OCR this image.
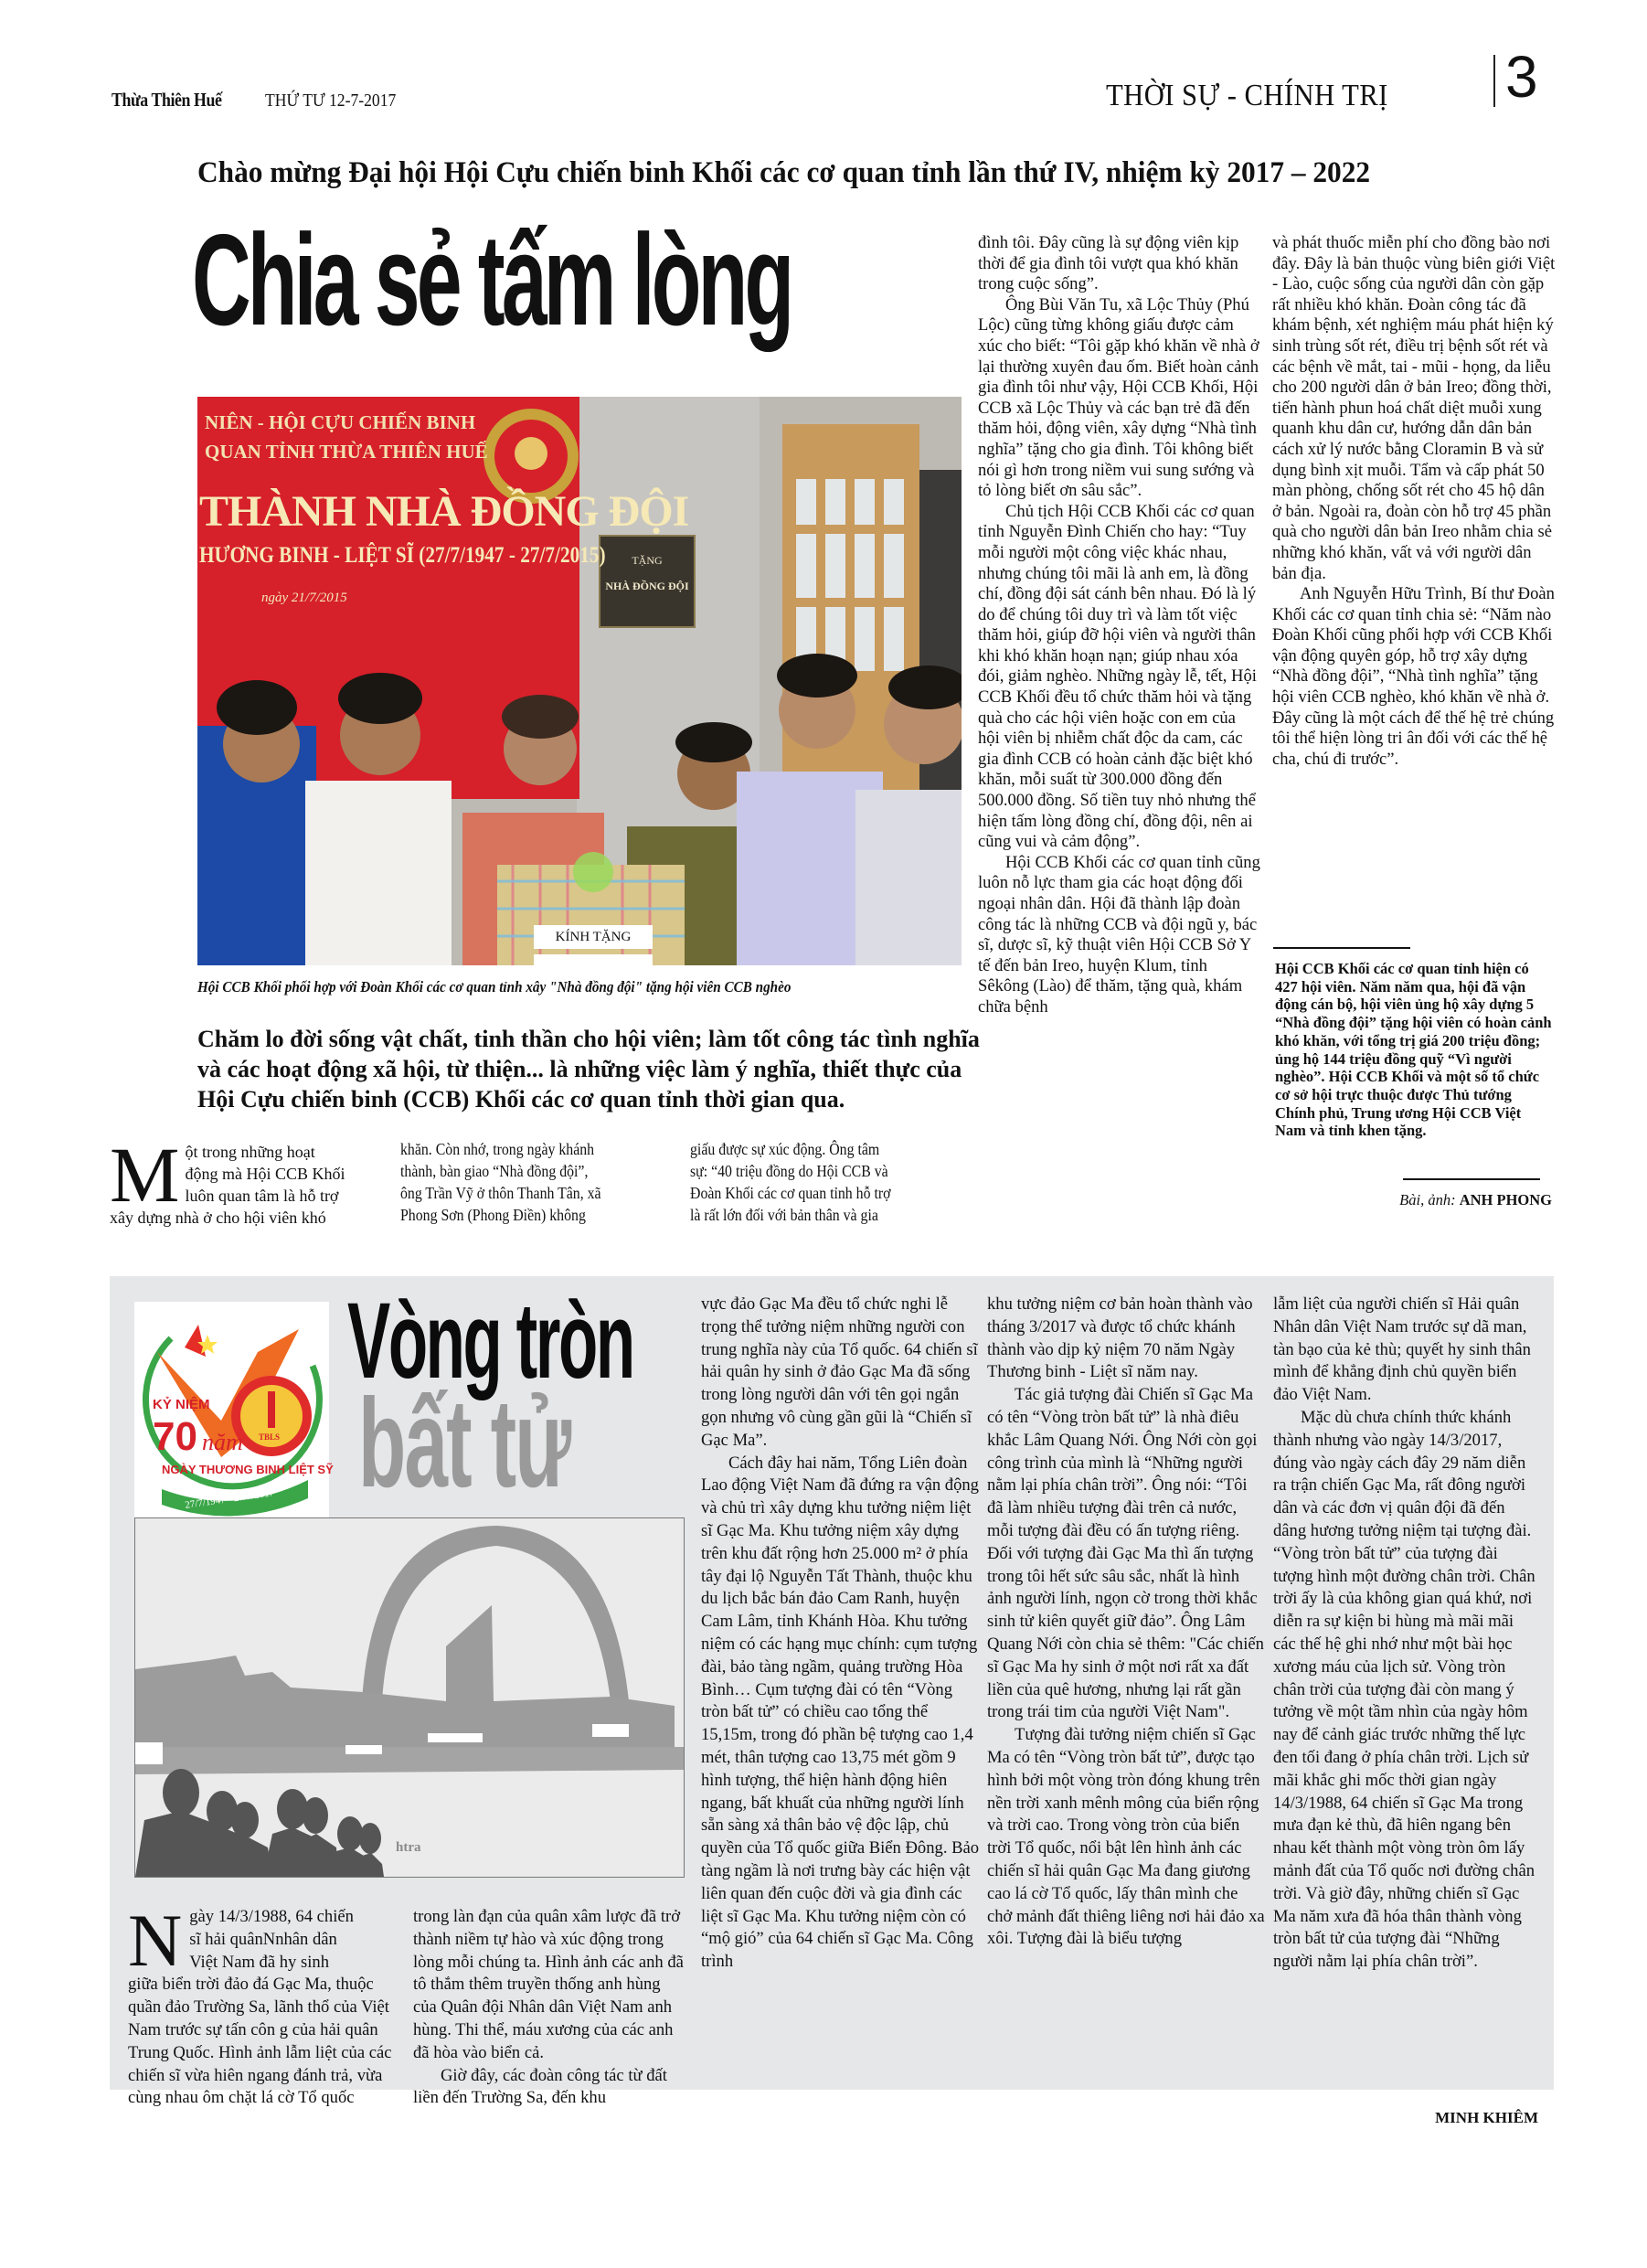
Thừa Thiên Huế THỨ TƯ 12-7-2017	THỜI SỰ - CHÍNH TRỊ 3
Chào mừng Đại hội Hội Cựu chiến binh Khối các cơ quan tỉnh lần thứ IV, nhiệm kỳ 2017 – 2022
Chia sẻ tấm lòng
NIÊN - HỘI CỰU CHIẾN BINH
QUAN TỈNH THỪA THIÊN HUẾ
THÀNH NHÀ ĐỒNG ĐỘI
HƯƠNG BINH - LIỆT SĨ (27/7/1947 - 27/7/2015)
ngày 21/7/2015
TẶNG
NHÀ ĐỒNG ĐỘI
KÍNH TẶNG
Hội CCB Khối phối hợp với Đoàn Khối các cơ quan tỉnh xây "Nhà đồng đội" tặng hội viên CCB nghèo
Chăm lo đời sống vật chất, tinh thần cho hội viên; làm tốt công tác tình nghĩa và các hoạt động xã hội, từ thiện... là những việc làm ý nghĩa, thiết thực của Hội Cựu chiến binh (CCB) Khối các cơ quan tỉnh thời gian qua.
M ột trong những hoạt
động mà Hội CCB Khối
luôn quan tâm là hỗ trợ
xây dựng nhà ở cho hội viên khó
khăn. Còn nhớ, trong ngày khánh
thành, bàn giao “Nhà đồng đội”,
ông Trần Vỹ ở thôn Thanh Tân, xã
Phong Sơn (Phong Điền) không
giấu được sự xúc động. Ông tâm
sự: “40 triệu đồng do Hội CCB và
Đoàn Khối các cơ quan tỉnh hỗ trợ
là rất lớn đối với bản thân và gia

đình tôi. Đây cũng là sự động viên kịp thời để gia đình tôi vượt qua khó khăn trong cuộc sống”.

Ông Bùi Văn Tu, xã Lộc Thủy (Phú Lộc) cũng từng không giấu được cảm xúc cho biết: “Tôi gặp khó khăn về nhà ở lại thường xuyên đau ốm. Biết hoàn cảnh gia đình tôi như vậy, Hội CCB Khối, Hội CCB xã Lộc Thủy và các bạn trẻ đã đến thăm hỏi, động viên, xây dựng “Nhà tình nghĩa” tặng cho gia đình. Tôi không biết nói gì hơn trong niềm vui sung sướng và tỏ lòng biết ơn sâu sắc”.

Chủ tịch Hội CCB Khối các cơ quan tỉnh Nguyễn Đình Chiến cho hay: “Tuy mỗi người một công việc khác nhau, nhưng chúng tôi mãi là anh em, là đồng chí, đồng đội sát cánh bên nhau. Đó là lý do để chúng tôi duy trì và làm tốt việc thăm hỏi, giúp đỡ hội viên và người thân khi khó khăn hoạn nạn; giúp nhau xóa đói, giảm nghèo. Những ngày lễ, tết, Hội CCB Khối đều tổ chức thăm hỏi và tặng quà cho các hội viên hoặc con em của hội viên bị nhiễm chất độc da cam, các gia đình CCB có hoàn cảnh đặc biệt khó khăn, mỗi suất từ 300.000 đồng đến 500.000 đồng. Số tiền tuy nhỏ nhưng thể hiện tấm lòng đồng chí, đồng đội, nên ai cũng vui và cảm động”.

Hội CCB Khối các cơ quan tỉnh cũng luôn nỗ lực tham gia các hoạt động đối ngoại nhân dân. Hội đã thành lập đoàn công tác là những CCB và đội ngũ y, bác sĩ, dược sĩ, kỹ thuật viên Hội CCB Sở Y tế đến bản Ireo, huyện Klum, tỉnh Sêkông (Lào) để thăm, tặng quà, khám chữa bệnh

và phát thuốc miễn phí cho đồng bào nơi đây. Đây là bản thuộc vùng biên giới Việt - Lào, cuộc sống của người dân còn gặp rất nhiều khó khăn. Đoàn công tác đã khám bệnh, xét nghiệm máu phát hiện ký sinh trùng sốt rét, điều trị bệnh sốt rét và các bệnh về mắt, tai - mũi - họng, da liễu cho 200 người dân ở bản Ireo; đồng thời, tiến hành phun hoá chất diệt muỗi xung quanh khu dân cư, hướng dẫn dân bản cách xử lý nước bằng Cloramin B và sử dụng bình xịt muỗi. Tẩm và cấp phát 50 màn phòng, chống sốt rét cho 45 hộ dân ở bản. Ngoài ra, đoàn còn hỗ trợ 45 phần quà cho người dân bản Ireo nhằm chia sẻ những khó khăn, vất vả với người dân bản địa.

Anh Nguyễn Hữu Trình, Bí thư Đoàn Khối các cơ quan tỉnh chia sẻ: “Năm nào Đoàn Khối cũng phối hợp với CCB Khối vận động quyên góp, hỗ trợ xây dựng “Nhà đồng đội”, “Nhà tình nghĩa” tặng hội viên CCB nghèo, khó khăn về nhà ở. Đây cũng là một cách để thế hệ trẻ chúng tôi thể hiện lòng tri ân đối với các thế hệ cha, chú đi trước”.

Hội CCB Khối các cơ quan tỉnh hiện có 427 hội viên. Năm năm qua, hội đã vận động cán bộ, hội viên ủng hộ xây dựng 5 “Nhà đồng đội” tặng hội viên có hoàn cảnh khó khăn, với tổng trị giá 200 triệu đồng; ủng hộ 144 triệu đồng quỹ “Vì người nghèo”. Hội CCB Khối và một số tổ chức cơ sở hội trực thuộc được Thủ tướng Chính phủ, Trung ương Hội CCB Việt Nam và tỉnh khen tặng.
Bài, ảnh: ANH PHONG
KỶ NIỆM
70 năm
NGÀY THƯƠNG BINH LIỆT SỸ
27/7/1947 - 27/7/2017
TBLS
Vòng tròn
bất tử
htra
N gày 14/3/1988, 64 chiến
sĩ hải quânNnhân dân
Việt Nam đã hy sinh
giữa biển trời đảo đá Gạc Ma, thuộc quần đảo Trường Sa, lãnh thổ của Việt Nam trước sự tấn côn g của hải quân Trung Quốc. Hình ảnh lẫm liệt của các chiến sĩ vừa hiên ngang đánh trả, vừa cùng nhau ôm chặt lá cờ Tổ quốc

trong làn đạn của quân xâm lược đã trở thành niềm tự hào và xúc động trong lòng mỗi chúng ta. Hình ảnh các anh đã tô thắm thêm truyền thống anh hùng của Quân đội Nhân dân Việt Nam anh hùng. Thi thể, máu xương của các anh đã hòa vào biển cả.

Giờ đây, các đoàn công tác từ đất liền đến Trường Sa, đến khu

vực đảo Gạc Ma đều tổ chức nghi lễ trọng thể tưởng niệm những người con trung nghĩa này của Tổ quốc. 64 chiến sĩ hải quân hy sinh ở đảo Gạc Ma đã sống trong lòng người dân với tên gọi ngắn gọn nhưng vô cùng gần gũi là “Chiến sĩ Gạc Ma”.

Cách đây hai năm, Tổng Liên đoàn Lao động Việt Nam đã đứng ra vận động và chủ trì xây dựng khu tưởng niệm liệt sĩ Gạc Ma. Khu tưởng niệm xây dựng trên khu đất rộng hơn 25.000 m² ở phía tây đại lộ Nguyễn Tất Thành, thuộc khu du lịch bắc bán đảo Cam Ranh, huyện Cam Lâm, tỉnh Khánh Hòa. Khu tưởng niệm có các hạng mục chính: cụm tượng đài, bảo tàng ngầm, quảng trường Hòa Bình… Cụm tượng đài có tên “Vòng tròn bất tử” có chiều cao tổng thể 15,15m, trong đó phần bệ tượng cao 1,4 mét, thân tượng cao 13,75 mét gồm 9 hình tượng, thể hiện hành động hiên ngang, bất khuất của những người lính sẵn sàng xả thân bảo vệ độc lập, chủ quyền của Tổ quốc giữa Biển Đông. Bảo tàng ngầm là nơi trưng bày các hiện vật liên quan đến cuộc đời và gia đình các liệt sĩ Gạc Ma. Khu tưởng niệm còn có “mộ gió” của 64 chiến sĩ Gạc Ma. Công trình

khu tưởng niệm cơ bản hoàn thành vào tháng 3/2017 và được tổ chức khánh thành vào dịp kỷ niệm 70 năm Ngày Thương binh - Liệt sĩ năm nay.

Tác giả tượng đài Chiến sĩ Gạc Ma có tên “Vòng tròn bất tử” là nhà điêu khắc Lâm Quang Nới. Ông Nới còn gọi công trình của mình là “Những người nằm lại phía chân trời”. Ông nói: “Tôi đã làm nhiều tượng đài trên cả nước, mỗi tượng đài đều có ấn tượng riêng. Đối với tượng đài Gạc Ma thì ấn tượng trong tôi hết sức sâu sắc, nhất là hình ảnh người lính, ngọn cờ trong thời khắc sinh tử kiên quyết giữ đảo”. Ông Lâm Quang Nới còn chia sẻ thêm: "Các chiến sĩ Gạc Ma hy sinh ở một nơi rất xa đất liền của quê hương, nhưng lại rất gần trong trái tim của người Việt Nam".

Tượng đài tưởng niệm chiến sĩ Gạc Ma có tên “Vòng tròn bất tử”, được tạo hình bởi một vòng tròn đóng khung trên nền trời xanh mênh mông của biển rộng và trời cao. Trong vòng tròn của biển trời Tổ quốc, nổi bật lên hình ảnh các chiến sĩ hải quân Gạc Ma đang giương cao lá cờ Tổ quốc, lấy thân mình che chở mảnh đất thiêng liêng nơi hải đảo xa xôi. Tượng đài là biểu tượng

lẫm liệt của người chiến sĩ Hải quân Nhân dân Việt Nam trước sự dã man, tàn bạo của kẻ thù; quyết hy sinh thân mình để khẳng định chủ quyền biển đảo Việt Nam.

Mặc dù chưa chính thức khánh thành nhưng vào ngày 14/3/2017, đúng vào ngày cách đây 29 năm diễn ra trận chiến Gạc Ma, rất đông người dân và các đơn vị quân đội đã đến dâng hương tưởng niệm tại tượng đài. “Vòng tròn bất tử” của tượng đài tượng hình một đường chân trời. Chân trời ấy là của không gian quá khứ, nơi diễn ra sự kiện bi hùng mà mãi mãi các thế hệ ghi nhớ như một bài học xương máu của lịch sử. Vòng tròn chân trời của tượng đài còn mang ý tưởng về một tầm nhìn của ngày hôm nay để cảnh giác trước những thế lực đen tối đang ở phía chân trời. Lịch sử mãi khắc ghi mốc thời gian ngày 14/3/1988, 64 chiến sĩ Gạc Ma trong mưa đạn kẻ thù, đã hiên ngang bên nhau kết thành một vòng tròn ôm lấy mảnh đất của Tổ quốc nơi đường chân trời. Và giờ đây, những chiến sĩ Gạc Ma năm xưa đã hóa thân thành vòng tròn bất tử của tượng đài “Những người nằm lại phía chân trời”.

MINH KHIÊM
